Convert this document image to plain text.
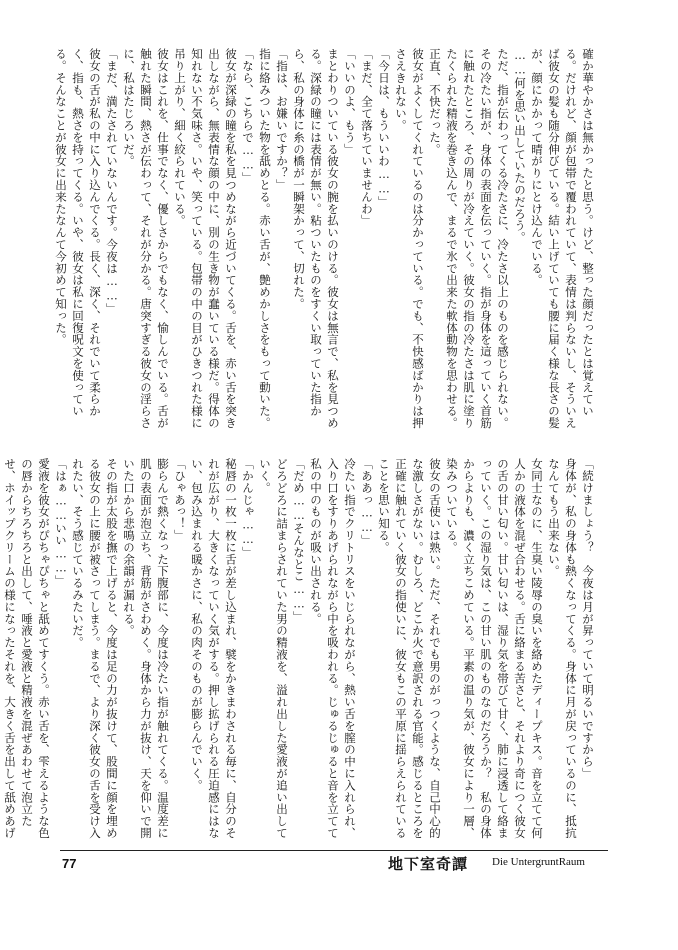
確か華やかさは無かったと思う。けど、整った顔だったとは覚えている。だけれど、顔が包帯で覆われていて、表情は判らないし、そういえば彼女の髪も随分伸びている。結い上げていても腰に届く様な長さの髪が、顔にかかって晴がりにとけ込んでいる。

……何を思い出していたのだろう。

ただ、指が伝わってくる冷たさに、冷たさ以上のものを感じられない。その冷たい指が、身体の表面を伝っていく。指が身体を這っていく首筋に触れたところ、その周りが冷えていく。彼女の指の冷たさは肌に塗りたくられた精液を巻き込んで、まるで氷で出来た軟体動物を思わせる。

正直、不快だった。

彼女がよくしてくれているのは分かっている。でも、不快感ばかりは押さえきれない。

「今日は、もういいわ……」

「まだ、全て落ちていませんわ」

「いいのよ、もう」

まとわりついている彼女の腕を払いのける。彼女は無言で、私を見つめる。深緑の瞳には表情が無い。粘ついたものをすくい取っていた指から、私の身体に糸の橋が一瞬架かって、切れた。

「指は、お嫌いですか？」

指に絡みついた物を舐めとる。赤い舌が、艶めかしさをもって動いた。

「なら、こちらで……」

彼女が深緑の瞳を私を見つめながら近づいてくる。舌を、赤い舌を突き出しながら、無表情な顔の中に、別の生き物が蠢いている様だ。得体の知れない不気味さ。いや、笑っている。包帯の中の目がひきつれた様に吊り上がり、細く絞られている。

彼女はこれを、仕事でなく、優しさからでもなく、愉しんでいる。舌が触れた瞬間、熱さが伝わって、それが分かる。唐突すぎる彼女の淫らさに、私はたじろいだ。

「まだ、満たされていないんです。今夜は……」

彼女の舌が私の中に入り込んでくる。長く、深く、それでいて柔らかく、指も、熱さを持ってくる。いや、彼女は私に回復呪文を使っている。そんなことが彼女に出来たなんて今初めて知った。

「続けましょう？　今夜は月が昇っていて明るいですから」

身体が、私の身体も熱くなってくる。身体に月が戻っているのに、抵抗なんてもう出来ない。

女同士なのに、生臭い陵辱の臭いを絡めたディープキス。音を立てて何人かの液体を混ぜ合わせる。舌に絡まる苦さと、それより奇につく彼女の舌の甘い匂い。甘い匂いは、湿り気を帯びて甘く、肺に浸透して絡まっていく。この湿り気は、この甘い肌のものなのだろうか？　私の身体からよりも、濃く立ちこめている。平素の温り気が、彼女により一層、染みついている。

彼女の舌使いは熟い。ただ、それでも男のがっつくような、自己中心的な激しさがない。むしろ、どこか火で意訳される官能。感じるところを正確に触れていく彼女の指使いに、彼女もこの平原に揺らえられていることを思い知る。

「ああっ……」

冷たい指でクリトリスをいじられながら、熱い舌を膣の中に入れられ、入り口をすりあげられながら中を吸われる。じゅるじゅると音を立てて私の中のものが吸い出される。

「だめ……そんなとこ……」

どろどろに詰まらされていた男の精液を、溢れ出した愛液が追い出していく。

「かんじゃ……」

秘唇の一枚一枚に舌が差し込まれ、襞をかきまわされる毎に、自分のそれが広がり、大きくなっていく気がする。押し拡げられる圧迫感にはない、包み込まれる暖かさに、私の肉そのものが膨らんでいく。

「ひゃあっ！」

膨らんで熱くなった下腹部に、今度は冷たい指が触れてくる。温度差に肌の表面が泡立ち、背筋がさわめく。身体から力が抜け、天を仰いで開いた口から悲鳴の余韻が漏れる。

その指が太股を撫で上げると、今度は足の力が抜けて、股間に顔を埋める彼女の上に腰が被さってしまう。まるで、より深く彼女の舌を受け入れたい、そう感じているみたいだ。

「はぁ……いい……」

愛液を彼女がぴちゃぴちゃと舐めてすくう。赤い舌を、雫えるような色の唇からちろちろと出して、唾液と愛液と精液を混ぜあわせて泡立たせ、ホイップクリームの様になったそれを、大きく舌を出して舐めあげ

77	地下室奇譚 Die UntergruntRaum
